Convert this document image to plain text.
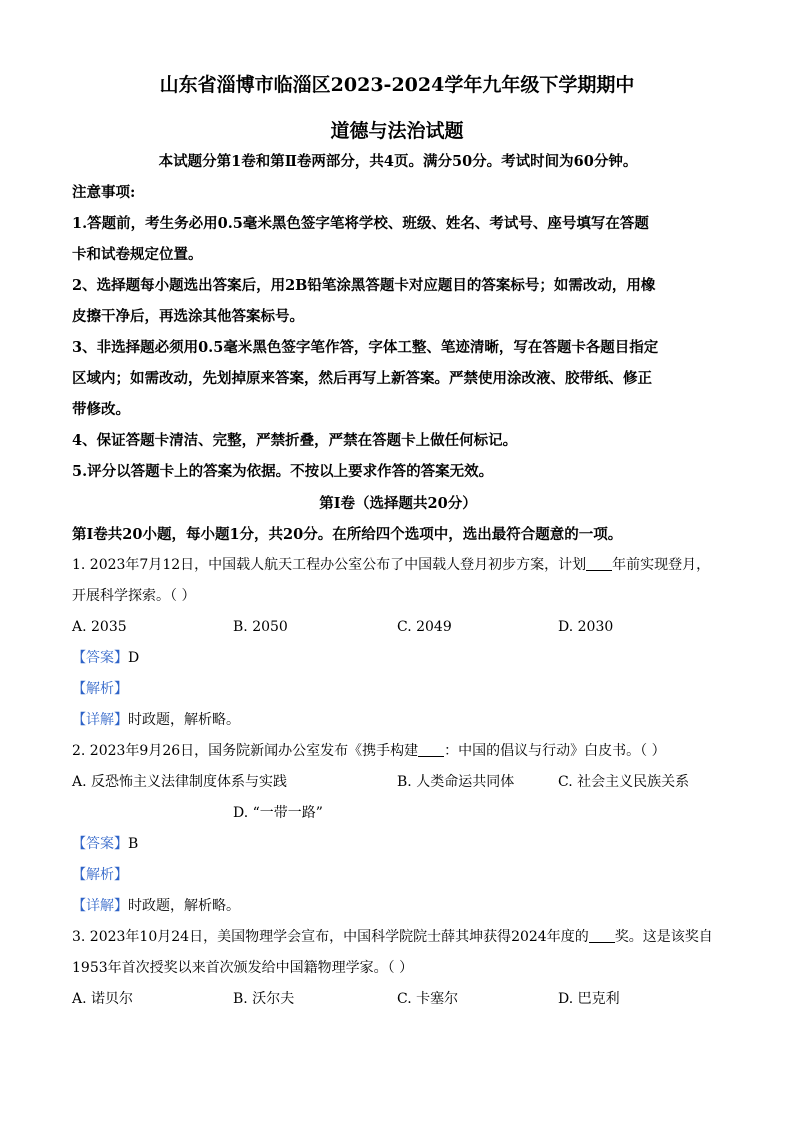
山东省淄博市临淄区2023-2024学年九年级下学期期中
道德与法治试题
本试题分第1卷和第Ⅱ卷两部分，共4页。满分50分。考试时间为60分钟。
注意事项:
1.答题前，考生务必用0.5毫米黑色签字笔将学校、班级、姓名、考试号、座号填写在答题
卡和试卷规定位置。
2、选择题每小题选出答案后，用2B铅笔涂黑答题卡对应题目的答案标号；如需改动，用橡
皮擦干净后，再选涂其他答案标号。
3、非选择题必须用0.5毫米黑色签字笔作答，字体工整、笔迹清晰，写在答题卡各题目指定
区域内；如需改动，先划掉原来答案，然后再写上新答案。严禁使用涂改液、胶带纸、修正
带修改。
4、保证答题卡清洁、完整，严禁折叠，严禁在答题卡上做任何标记。
5.评分以答题卡上的答案为依据。不按以上要求作答的答案无效。
第Ⅰ卷（选择题共20分）
第Ⅰ卷共20小题，每小题1分，共20分。在所给四个选项中，选出最符合题意的一项。
1. 2023年7月12日，中国载人航天工程办公室公布了中国载人登月初步方案，计划 年前实现登月，
开展科学探索。（ ）
A. 2035	B. 2050	C. 2049	D. 2030
【答案】D
【解析】
【详解】时政题，解析略。
2. 2023年9月26日，国务院新闻办公室发布《携手构建 ：中国的倡议与行动》白皮书。（ ）
A. 反恐怖主义法律制度体系与实践	B. 人类命运共同体	C. 社会主义民族关系
D. “一带一路”
【答案】B
【解析】
【详解】时政题，解析略。
3. 2023年10月24日，美国物理学会宣布，中国科学院院士薛其坤获得2024年度的 奖。这是该奖自
1953年首次授奖以来首次颁发给中国籍物理学家。（ ）
A. 诺贝尔	B. 沃尔夫	C. 卡塞尔	D. 巴克利
